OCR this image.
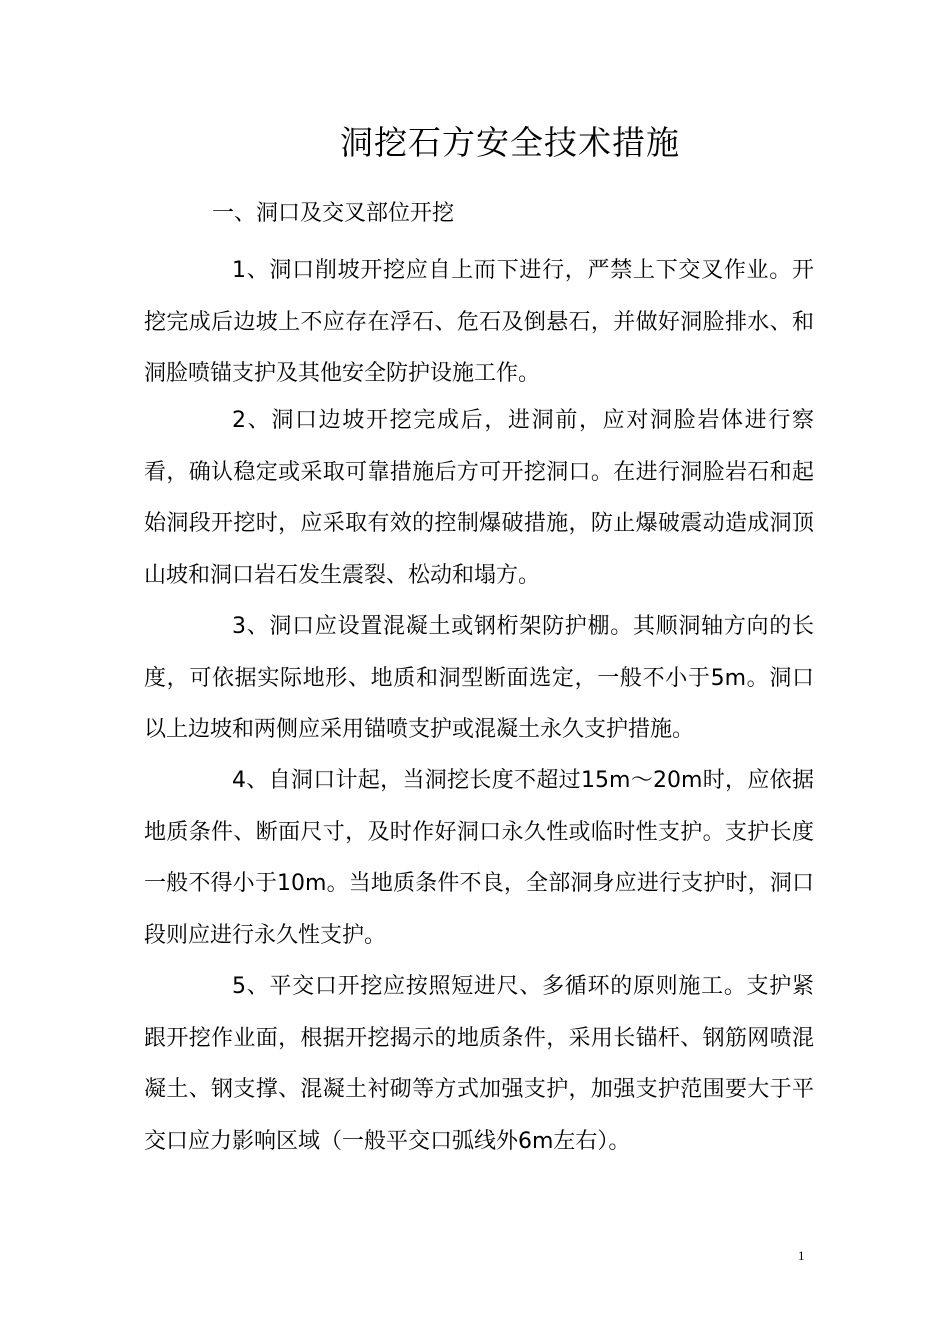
洞挖石方安全技术措施
一、洞口及交叉部位开挖

1、洞口削坡开挖应自上而下进行，严禁上下交叉作业。开挖完成后边坡上不应存在浮石、危石及倒悬石，并做好洞脸排水、和洞脸喷锚支护及其他安全防护设施工作。

2、洞口边坡开挖完成后，进洞前，应对洞脸岩体进行察看，确认稳定或采取可靠措施后方可开挖洞口。在进行洞脸岩石和起始洞段开挖时，应采取有效的控制爆破措施，防止爆破震动造成洞顶山坡和洞口岩石发生震裂、松动和塌方。

3、洞口应设置混凝土或钢桁架防护棚。其顺洞轴方向的长度，可依据实际地形、地质和洞型断面选定，一般不小于5m。洞口以上边坡和两侧应采用锚喷支护或混凝土永久支护措施。

4、自洞口计起，当洞挖长度不超过15m～20m时，应依据地质条件、断面尺寸，及时作好洞口永久性或临时性支护。支护长度一般不得小于10m。当地质条件不良，全部洞身应进行支护时，洞口段则应进行永久性支护。

5、平交口开挖应按照短进尺、多循环的原则施工。支护紧跟开挖作业面，根据开挖揭示的地质条件，采用长锚杆、钢筋网喷混凝土、钢支撑、混凝土衬砌等方式加强支护，加强支护范围要大于平交口应力影响区域（一般平交口弧线外6m左右）。

1
